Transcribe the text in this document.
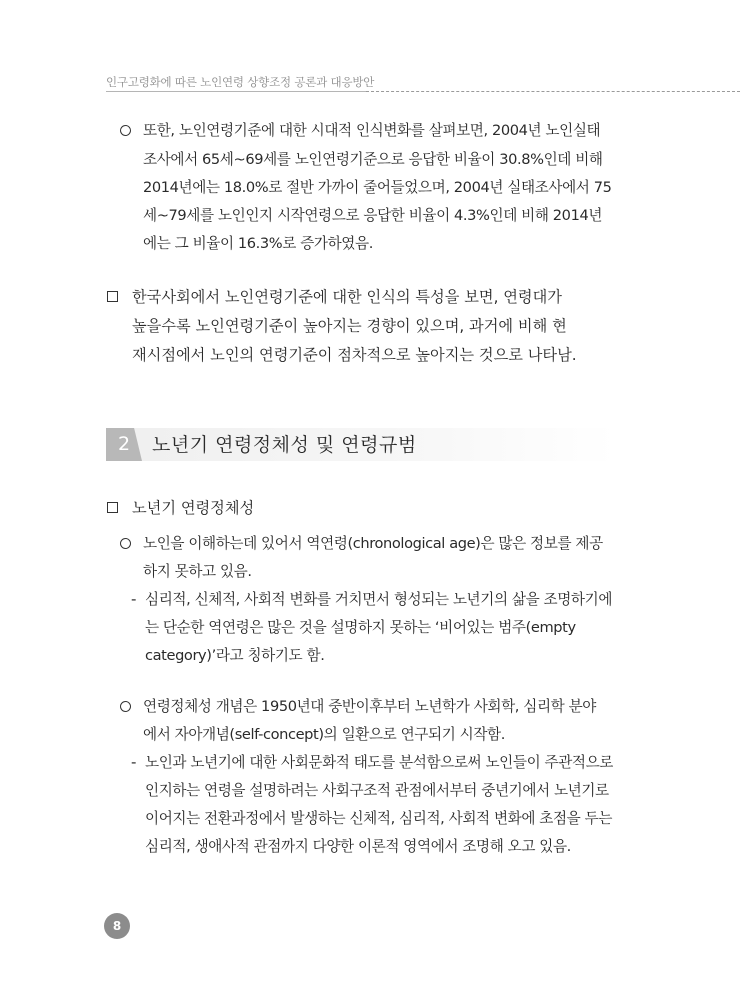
인구고령화에 따른 노인연령 상향조정 공론과 대응방안
또한, 노인연령기준에 대한 시대적 인식변화를 살펴보면, 2004년 노인실태
조사에서 65세~69세를 노인연령기준으로 응답한 비율이 30.8%인데 비해
2014년에는 18.0%로 절반 가까이 줄어들었으며, 2004년 실태조사에서 75
세~79세를 노인인지 시작연령으로 응답한 비율이 4.3%인데 비해 2014년
에는 그 비율이 16.3%로 증가하였음.
한국사회에서 노인연령기준에 대한 인식의 특성을 보면, 연령대가
높을수록 노인연령기준이 높아지는 경향이 있으며, 과거에 비해 현
재시점에서 노인의 연령기준이 점차적으로 높아지는 것으로 나타남.
2 노년기 연령정체성 및 연령규범
노년기 연령정체성
노인을 이해하는데 있어서 역연령(chronological age)은 많은 정보를 제공
하지 못하고 있음.
- 심리적, 신체적, 사회적 변화를 거치면서 형성되는 노년기의 삶을 조명하기에
는 단순한 역연령은 많은 것을 설명하지 못하는 ‘비어있는 범주(empty
category)’라고 칭하기도 함.
연령정체성 개념은 1950년대 중반이후부터 노년학가 사회학, 심리학 분야
에서 자아개념(self-concept)의 일환으로 연구되기 시작함.
- 노인과 노년기에 대한 사회문화적 태도를 분석함으로써 노인들이 주관적으로
인지하는 연령을 설명하려는 사회구조적 관점에서부터 중년기에서 노년기로
이어지는 전환과정에서 발생하는 신체적, 심리적, 사회적 변화에 초점을 두는
심리적, 생애사적 관점까지 다양한 이론적 영역에서 조명해 오고 있음.
8
